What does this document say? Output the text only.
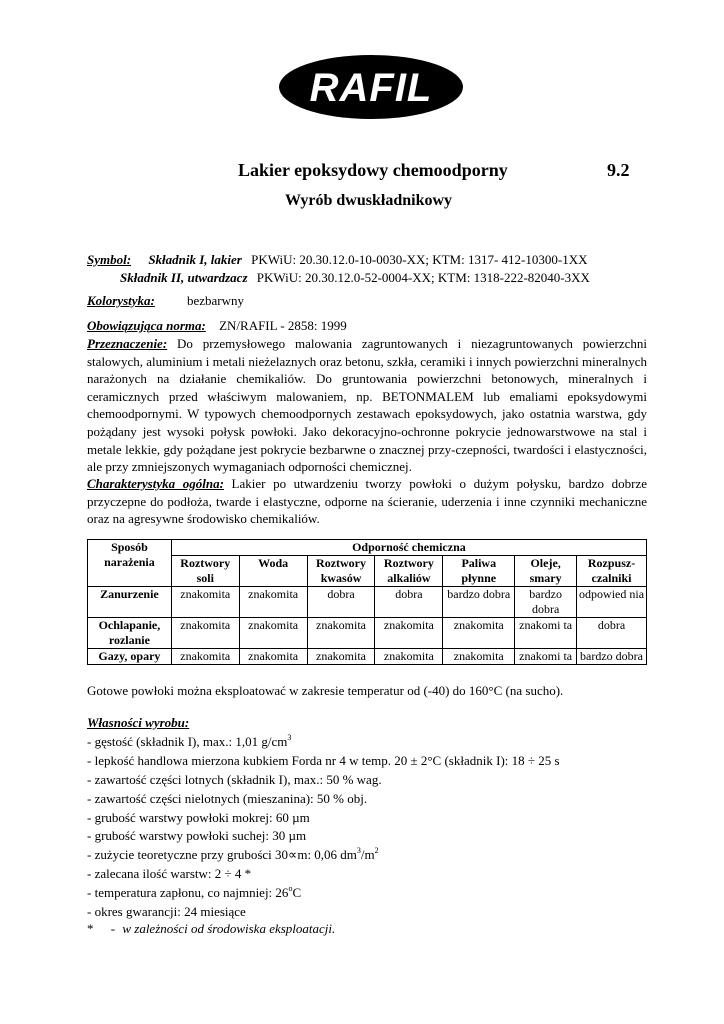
RAFIL
Lakier epoksydowy chemoodporny	9.2
Wyrób dwuskładnikowy
Symbol: Składnik I, lakier PKWiU: 20.30.12.0-10-0030-XX; KTM: 1317- 412-10300-1XX
Składnik II, utwardzacz PKWiU: 20.30.12.0-52-0004-XX; KTM: 1318-222-82040-3XX
Kolorystyka: bezbarwny
Obowiązująca norma: ZN/RAFIL - 2858: 1999
Przeznaczenie: Do przemysłowego malowania zagruntowanych i niezagruntowanych powierzchni stalowych, aluminium i metali nieżelaznych oraz betonu, szkła, ceramiki i innych powierzchni mineralnych narażonych na działanie chemikaliów. Do gruntowania powierzchni betonowych, mineralnych i ceramicznych przed właściwym malowaniem, np. BETONMALEM lub emaliami epoksydowymi chemoodpornymi. W typowych chemoodpornych zestawach epoksydowych, jako ostatnia warstwa, gdy pożądany jest wysoki połysk powłoki. Jako dekoracyjno-ochronne pokrycie jednowarstwowe na stal i metale lekkie, gdy pożądane jest pokrycie bezbarwne o znacznej przy-czepności, twardości i elastyczności, ale przy zmniejszonych wymaganiach odporności chemicznej.
Charakterystyka ogólna: Lakier po utwardzeniu tworzy powłoki o dużym połysku, bardzo dobrze przyczepne do podłoża, twarde i elastyczne, odporne na ścieranie, uderzenia i inne czynniki mechaniczne oraz na agresywne środowisko chemikaliów.
Sposób narażenia	Odporność chemiczna						
	Roztwory soli	Woda	Roztwory kwasów	Roztwory alkaliów	Paliwa płynne	Oleje, smary	Rozpusz-czalniki
Zanurzenie	znakomita	znakomita	dobra	dobra	bardzo dobra	bardzo dobra	odpowied nia
Ochlapanie, rozlanie	znakomita	znakomita	znakomita	znakomita	znakomita	znakomi ta	dobra
Gazy, opary	znakomita	znakomita	znakomita	znakomita	znakomita	znakomi ta	bardzo dobra
Gotowe powłoki można eksploatować w zakresie temperatur od (-40) do 160°C (na sucho).
Własności wyrobu:
- gęstość (składnik I), max.: 1,01 $g/cm^3$
- lepkość handlowa mierzona kubkiem Forda nr 4 w temp. 20 ± 2°C (składnik I): 18 ÷ 25 s
- zawartość części lotnych (składnik I), max.: 50 % wag.
- zawartość części nielotnych (mieszanina): 50 % obj.
- grubość warstwy powłoki mokrej: 60 µm
- grubość warstwy powłoki suchej: 30 µm
- zużycie teoretyczne przy grubości 30∝m: 0,06 $dm^3/m^2$
- zalecana ilość warstw: 2 ÷ 4 *
- temperatura zapłonu, co najmniej: 26$^o$C
- okres gwarancji: 24 miesiące
* - w zależności od środowiska eksploatacji.
